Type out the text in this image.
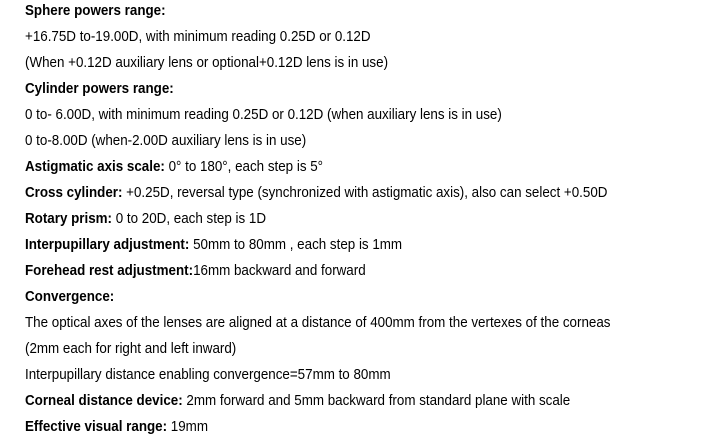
Sphere powers range:
+16.75D to-19.00D, with minimum reading 0.25D or 0.12D
(When +0.12D auxiliary lens or optional+0.12D lens is in use)
Cylinder powers range:
0 to- 6.00D, with minimum reading 0.25D or 0.12D (when auxiliary lens is in use)
0 to-8.00D (when-2.00D auxiliary lens is in use)
Astigmatic axis scale: 0° to 180°, each step is 5°
Cross cylinder: +0.25D, reversal type (synchronized with astigmatic axis), also can select +0.50D
Rotary prism: 0 to 20D, each step is 1D
Interpupillary adjustment: 50mm to 80mm , each step is 1mm
Forehead rest adjustment:16mm backward and forward
Convergence:
The optical axes of the lenses are aligned at a distance of 400mm from the vertexes of the corneas
(2mm each for right and left inward)
Interpupillary distance enabling convergence=57mm to 80mm
Corneal distance device: 2mm forward and 5mm backward from standard plane with scale
Effective visual range: 19mm
